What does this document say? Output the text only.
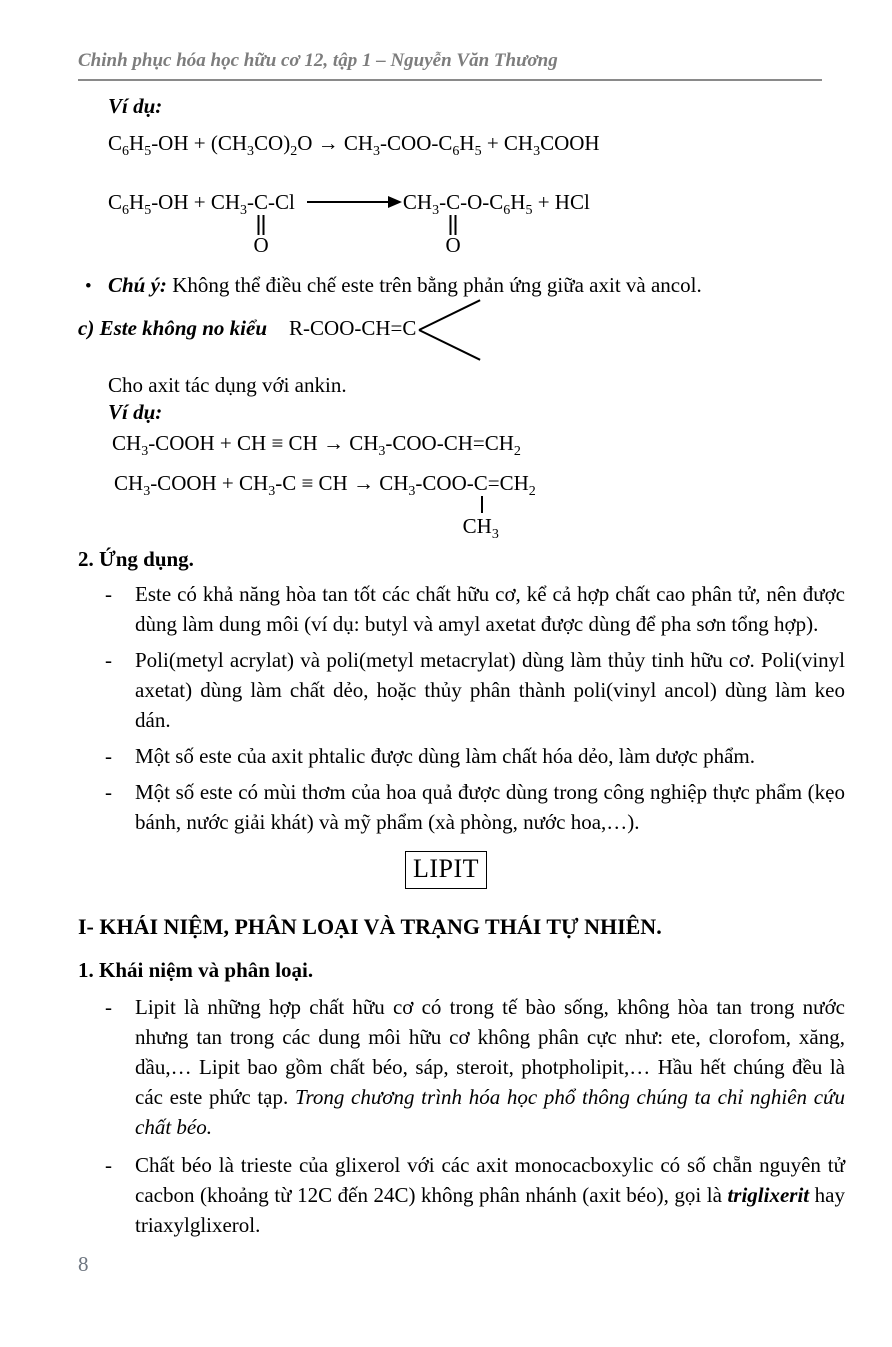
Chinh phục hóa học hữu cơ 12, tập 1 – Nguyễn Văn Thương

Ví dụ:

$C_6H_5-OH + (CH_3CO)_2O \to CH_3-COO-C_6H_5$ + $CH_3COOH$

$C_6H_5-OH + CH_3-C$
O
$-Cl \to CH_3-C$
O
$-O-C_6H_5$ + HCl

• Chú ý: Không thể điều chế este trên bằng phản ứng giữa axit và ancol.

c) Este không no kiểu R-COO-CH=C

Cho axit tác dụng với ankin.

Ví dụ:

$CH_3$-COOH + CH ≡ CH → $CH_3-COO-CH=CH_2$

$CH_3$-COOH + $CH_3-C$ ≡ CH → $CH_3-COO-C$
$CH_3$
$=CH_2$

2. Ứng dụng.

- Este có khả năng hòa tan tốt các chất hữu cơ, kể cả hợp chất cao phân tử, nên được dùng làm dung môi (ví dụ: butyl và amyl axetat được dùng để pha sơn tổng hợp).

- Poli(metyl acrylat) và poli(metyl metacrylat) dùng làm thủy tinh hữu cơ. Poli(vinyl axetat) dùng làm chất dẻo, hoặc thủy phân thành poli(vinyl ancol) dùng làm keo dán.

- Một số este của axit phtalic được dùng làm chất hóa dẻo, làm dược phẩm.

- Một số este có mùi thơm của hoa quả được dùng trong công nghiệp thực phẩm (kẹo bánh, nước giải khát) và mỹ phẩm (xà phòng, nước hoa,…).

LIPIT

I- KHÁI NIỆM, PHÂN LOẠI VÀ TRẠNG THÁI TỰ NHIÊN.

1. Khái niệm và phân loại.

- Lipit là những hợp chất hữu cơ có trong tế bào sống, không hòa tan trong nước nhưng tan trong các dung môi hữu cơ không phân cực như: ete, clorofom, xăng, dầu,… Lipit bao gồm chất béo, sáp, steroit, photpholipit,… Hầu hết chúng đều là các este phức tạp. Trong chương trình hóa học phổ thông chúng ta chỉ nghiên cứu chất béo.

- Chất béo là trieste của glixerol với các axit monocacboxylic có số chẵn nguyên tử cacbon (khoảng từ 12C đến 24C) không phân nhánh (axit béo), gọi là triglixerit hay triaxylglixerol.

8
